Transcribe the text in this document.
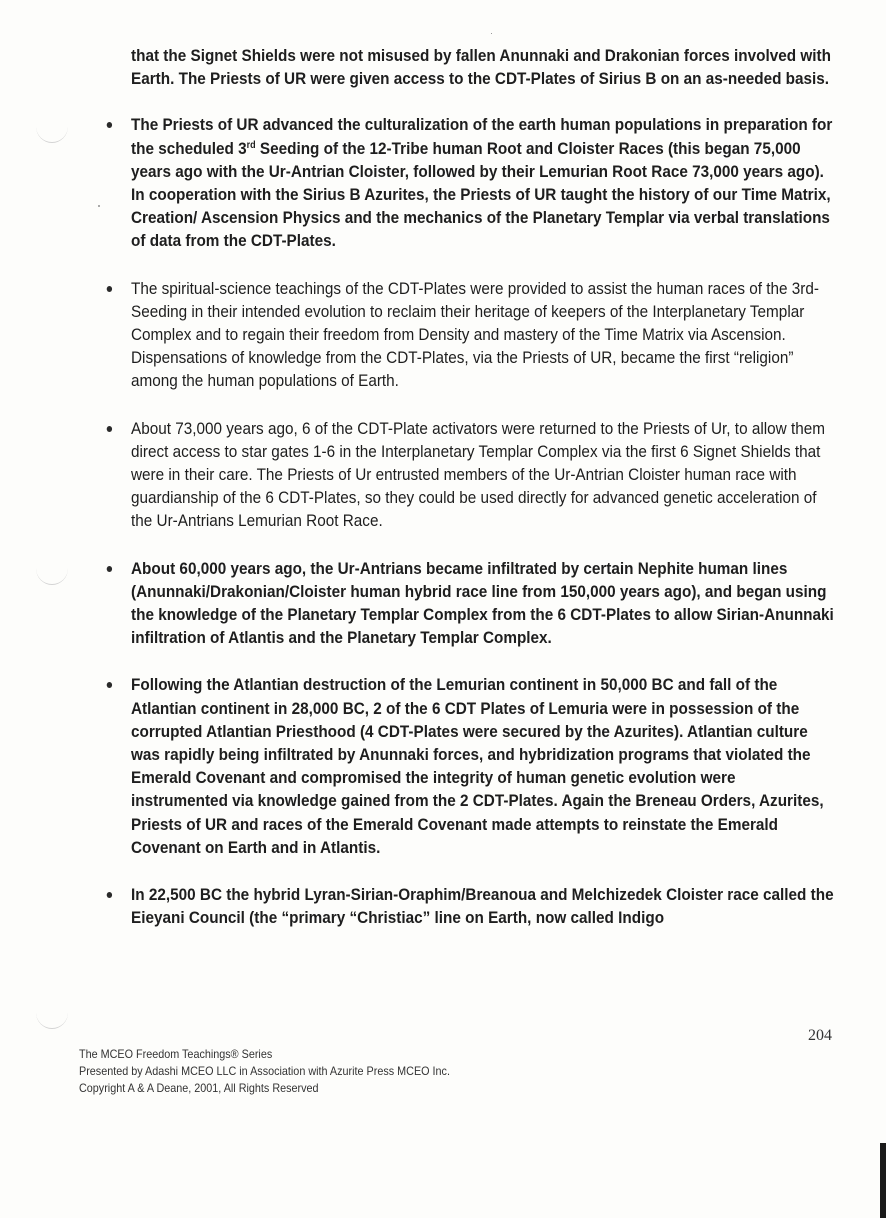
that the Signet Shields were not misused by fallen Anunnaki and Drakonian forces involved with Earth. The Priests of UR were given access to the CDT-Plates of Sirius B on an as-needed basis.

The Priests of UR advanced the culturalization of the earth human populations in preparation for the scheduled 3rd Seeding of the 12-Tribe human Root and Cloister Races (this began 75,000 years ago with the Ur-Antrian Cloister, followed by their Lemurian Root Race 73,000 years ago). In cooperation with the Sirius B Azurites, the Priests of UR taught the history of our Time Matrix, Creation/ Ascension Physics and the mechanics of the Planetary Templar via verbal translations of data from the CDT-Plates.
The spiritual-science teachings of the CDT-Plates were provided to assist the human races of the 3rd-Seeding in their intended evolution to reclaim their heritage of keepers of the Interplanetary Templar Complex and to regain their freedom from Density and mastery of the Time Matrix via Ascension. Dispensations of knowledge from the CDT-Plates, via the Priests of UR, became the first “religion” among the human populations of Earth.
About 73,000 years ago, 6 of the CDT-Plate activators were returned to the Priests of Ur, to allow them direct access to star gates 1-6 in the Interplanetary Templar Complex via the first 6 Signet Shields that were in their care. The Priests of Ur entrusted members of the Ur-Antrian Cloister human race with guardianship of the 6 CDT-Plates, so they could be used directly for advanced genetic acceleration of the Ur-Antrians Lemurian Root Race.
About 60,000 years ago, the Ur-Antrians became infiltrated by certain Nephite human lines (Anunnaki/Drakonian/Cloister human hybrid race line from 150,000 years ago), and began using the knowledge of the Planetary Templar Complex from the 6 CDT-Plates to allow Sirian-Anunnaki infiltration of Atlantis and the Planetary Templar Complex.
Following the Atlantian destruction of the Lemurian continent in 50,000 BC and fall of the Atlantian continent in 28,000 BC, 2 of the 6 CDT Plates of Lemuria were in possession of the corrupted Atlantian Priesthood (4 CDT-Plates were secured by the Azurites). Atlantian culture was rapidly being infiltrated by Anunnaki forces, and hybridization programs that violated the Emerald Covenant and compromised the integrity of human genetic evolution were instrumented via knowledge gained from the 2 CDT-Plates. Again the Breneau Orders, Azurites, Priests of UR and races of the Emerald Covenant made attempts to reinstate the Emerald Covenant on Earth and in Atlantis.
In 22,500 BC the hybrid Lyran-Sirian-Oraphim/Breanoua and Melchizedek Cloister race called the Eieyani Council (the “primary “Christiac” line on Earth, now called Indigo
204
The MCEO Freedom Teachings® Series
Presented by Adashi MCEO LLC in Association with Azurite Press MCEO Inc.
Copyright A & A Deane, 2001, All Rights Reserved
